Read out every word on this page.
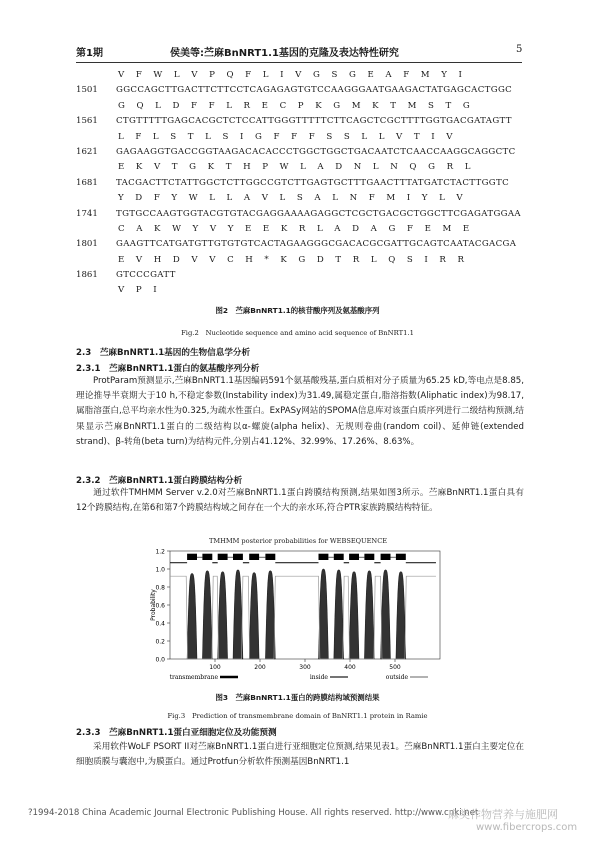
第1期	侯美等:苎麻BnNRT1.1基因的克隆及表达特性研究	5
V F W L V P Q F L I V G S G E A F M Y I
1501 GGCCAGCTTGACTTCTTCCTCAGAGAGTGTCCAAGGGAATGAAGACTATGAGCACTGGC
G Q L D F F L R E C P K G M K T M S T G
1561 CTGTTTTTGAGCACGCTCTCCATTGGGTTTTTCTTCAGCTCGCTTTTGGTGACGATAGTT
L F L S T L S I G F F F S S L L V T I V
1621 GAGAAGGTGACCGGTAAGACACACCCTGGCTGGCTGACAATCTCAACCAAGGCAGGCTC
E K V T G K T H P W L A D N L N Q G R L
1681 TACGACTTCTATTGGCTCTTGGCCGTCTTGAGTGCTTTGAACTTTATGATCTACTTGGTC
Y D F Y W L L A V L S A L N F M I Y L V
1741 TGTGCCAAGTGGTACGTGTACGAGGAAAAGAGGCTCGCTGACGCTGGCTTCGAGATGGAA
C A K W Y V Y E E K R L A D A G F E M E
1801 GAAGTTCATGATGTTGTGTGTCACTAGAAGGGCGACACGCGATTGCAGTCAATACGACGA
E V H D V V C H * K G D T R L Q S I R R
1861 GTCCCGATT
V P I
图2　苎麻BnNRT1.1的核苷酸序列及氨基酸序列
Fig.2　Nucleotide sequence and amino acid sequence of BnNRT1.1
2.3　苎麻BnNRT1.1基因的生物信息学分析
2.3.1　苎麻BnNRT1.1蛋白的氨基酸序列分析
ProtParam预测显示,苎麻BnNRT1.1基因编码591个氨基酸残基,蛋白质相对分子质量为65.25 kD,等电点是8.85,理论推导半衰期大于10 h,不稳定参数(Instability index)为31.49,属稳定蛋白,脂溶指数(Aliphatic index)为98.17,属脂溶蛋白,总平均亲水性为0.325,为疏水性蛋白。ExPASy网站的SPOMA信息库对该蛋白质序列进行二级结构预测,结果显示苎麻BnNRT1.1蛋白的二级结构以α-螺旋(alpha helix)、无规则卷曲(random coil)、延伸链(extended strand)、β-转角(beta turn)为结构元件,分别占41.12%、32.99%、17.26%、8.63%。
2.3.2　苎麻BnNRT1.1蛋白跨膜结构分析
通过软件TMHMM Server v.2.0对苎麻BnNRT1.1蛋白跨膜结构预测,结果如图3所示。苎麻BnNRT1.1蛋白具有12个跨膜结构,在第6和第7个跨膜结构域之间存在一个大的亲水环,符合PTR家族跨膜结构特征。
TMHMM posterior probabilities for WEBSEQUENCE
0.0
0.2
0.4
0.6
0.8
1.0
1.2
100	200	300	400	500
Probability
transmembrane	inside	outside
图3　苎麻BnNRT1.1蛋白的跨膜结构域预测结果
Fig.3　Prediction of transmembrane domain of BnNRT1.1 protein in Ramie
2.3.3　苎麻BnNRT1.1蛋白亚细胞定位及功能预测
采用软件WoLF PSORT II对苎麻BnNRT1.1蛋白进行亚细胞定位预测,结果见表1。苎麻BnNRT1.1蛋白主要定位在细胞质膜与囊泡中,为膜蛋白。通过Protfun分析软件预测基因BnNRT1.1
?1994-2018 China Academic Journal Electronic Publishing House. All rights reserved. http://www.cnki.net
麻类作物营养与施肥网
www.fibercrops.com
